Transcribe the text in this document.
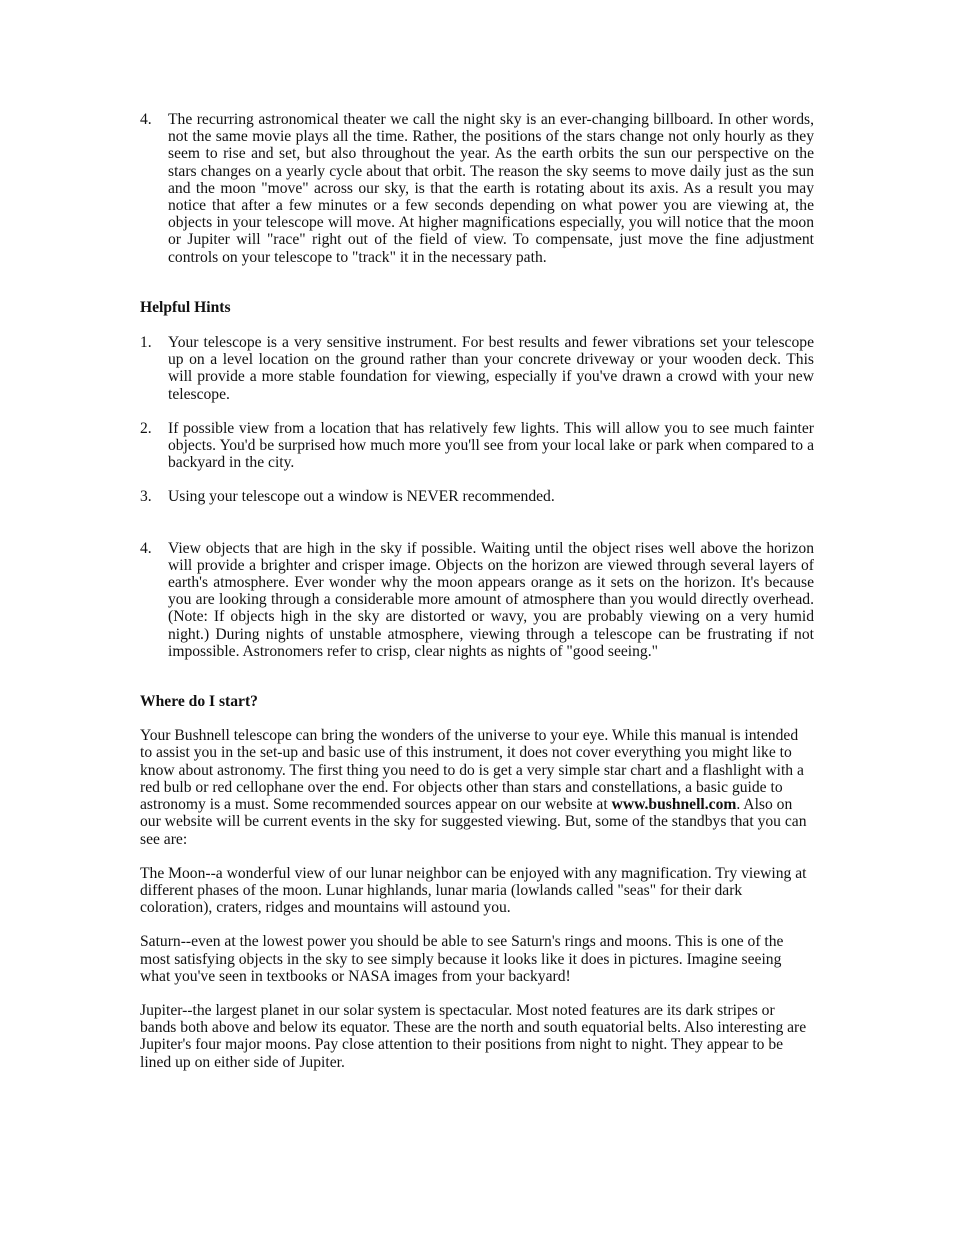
4. The recurring astronomical theater we call the night sky is an ever-changing billboard. In other words, not the same movie plays all the time. Rather, the positions of the stars change not only hourly as they seem to rise and set, but also throughout the year. As the earth orbits the sun our perspective on the stars changes on a yearly cycle about that orbit. The reason the sky seems to move daily just as the sun and the moon "move" across our sky, is that the earth is rotating about its axis. As a result you may notice that after a few minutes or a few seconds depending on what power you are viewing at, the objects in your telescope will move. At higher magnifications especially, you will notice that the moon or Jupiter will "race" right out of the field of view. To compensate, just move the fine adjustment controls on your telescope to "track" it in the necessary path.
Helpful Hints
1. Your telescope is a very sensitive instrument. For best results and fewer vibrations set your telescope up on a level location on the ground rather than your concrete driveway or your wooden deck. This will provide a more stable foundation for viewing, especially if you've drawn a crowd with your new telescope.
2. If possible view from a location that has relatively few lights. This will allow you to see much fainter objects. You'd be surprised how much more you'll see from your local lake or park when compared to a backyard in the city.
3. Using your telescope out a window is NEVER recommended.
4. View objects that are high in the sky if possible. Waiting until the object rises well above the horizon will provide a brighter and crisper image. Objects on the horizon are viewed through several layers of earth's atmosphere. Ever wonder why the moon appears orange as it sets on the horizon. It's because you are looking through a considerable more amount of atmosphere than you would directly overhead. (Note: If objects high in the sky are distorted or wavy, you are probably viewing on a very humid night.) During nights of unstable atmosphere, viewing through a telescope can be frustrating if not impossible. Astronomers refer to crisp, clear nights as nights of "good seeing."
Where do I start?
Your Bushnell telescope can bring the wonders of the universe to your eye. While this manual is intended to assist you in the set-up and basic use of this instrument, it does not cover everything you might like to know about astronomy. The first thing you need to do is get a very simple star chart and a flashlight with a red bulb or red cellophane over the end. For objects other than stars and constellations, a basic guide to astronomy is a must. Some recommended sources appear on our website at www.bushnell.com. Also on our website will be current events in the sky for suggested viewing. But, some of the standbys that you can see are:
The Moon--a wonderful view of our lunar neighbor can be enjoyed with any magnification. Try viewing at different phases of the moon. Lunar highlands, lunar maria (lowlands called "seas" for their dark coloration), craters, ridges and mountains will astound you.
Saturn--even at the lowest power you should be able to see Saturn's rings and moons. This is one of the most satisfying objects in the sky to see simply because it looks like it does in pictures. Imagine seeing what you've seen in textbooks or NASA images from your backyard!
Jupiter--the largest planet in our solar system is spectacular. Most noted features are its dark stripes or bands both above and below its equator. These are the north and south equatorial belts. Also interesting are Jupiter's four major moons. Pay close attention to their positions from night to night. They appear to be lined up on either side of Jupiter.
